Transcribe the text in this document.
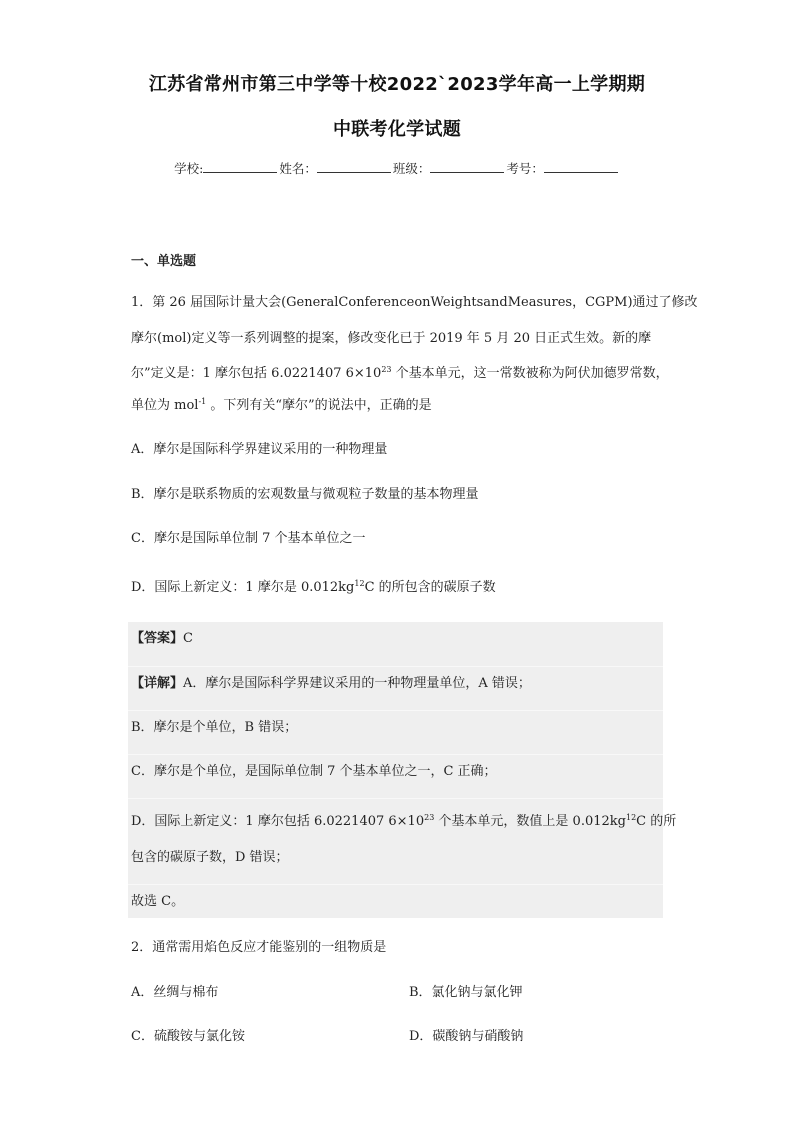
江苏省常州市第三中学等十校2022`2023学年高一上学期期
中联考化学试题
学校:	姓名：	班级：	考号：
一、单选题
1．第 26 届国际计量大会(GeneralConferenceonWeightsandMeasures，CGPM)通过了修改
摩尔(mol)定义等一系列调整的提案，修改变化已于 2019 年 5 月 20 日正式生效。新的摩
尔”定义是：1 摩尔包括 6.0221407 $6\times 10^{23}$ 个基本单元，这一常数被称为阿伏加德罗常数，
单位为 mol$^{-1}$ 。下列有关“摩尔”的说法中，正确的是
A．摩尔是国际科学界建议采用的一种物理量
B．摩尔是联系物质的宏观数量与微观粒子数量的基本物理量
C．摩尔是国际单位制 7 个基本单位之一
D．国际上新定义：1 摩尔是 $0.012kg^{12}C$ 的所包含的碳原子数
【答案】C
【详解】A．摩尔是国际科学界建议采用的一种物理量单位，A 错误；
B．摩尔是个单位，B 错误；
C．摩尔是个单位，是国际单位制 7 个基本单位之一，C 正确；
D．国际上新定义：1 摩尔包括 6.0221407 $6\times 10^{23}$ 个基本单元，数值上是 $0.012kg^{12}C$ 的所
包含的碳原子数，D 错误；
故选 C。
2．通常需用焰色反应才能鉴别的一组物质是
A．丝绸与棉布	B．氯化钠与氯化钾
C．硫酸铵与氯化铵	D．碳酸钠与硝酸钠
